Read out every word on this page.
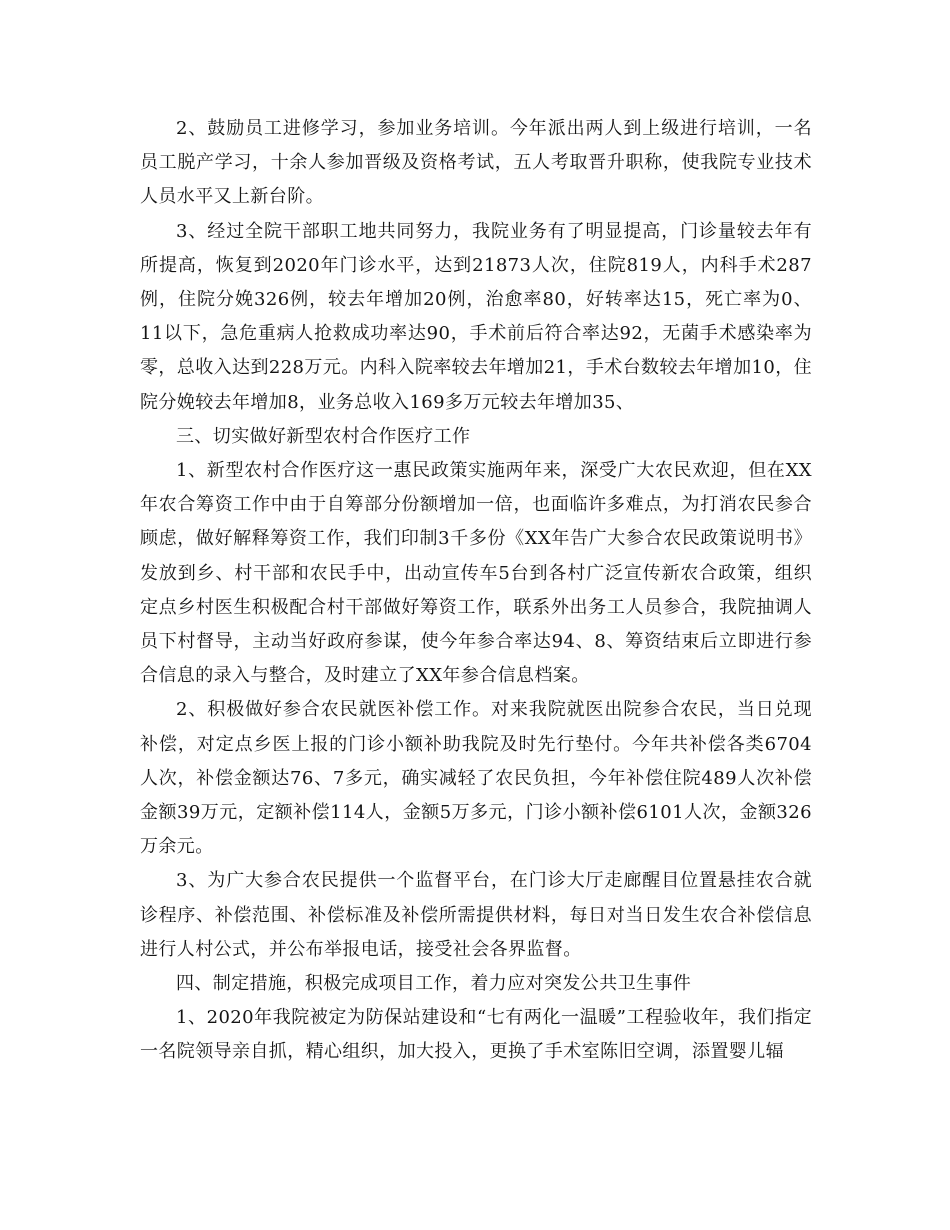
2、鼓励员工进修学习，参加业务培训。今年派出两人到上级进行培训，一名员工脱产学习，十余人参加晋级及资格考试，五人考取晋升职称，使我院专业技术人员水平又上新台阶。

3、经过全院干部职工地共同努力，我院业务有了明显提高，门诊量较去年有所提高，恢复到2020年门诊水平，达到21873人次，住院819人，内科手术287例，住院分娩326例，较去年增加20例，治愈率80，好转率达15，死亡率为0、11以下，急危重病人抢救成功率达90，手术前后符合率达92，无菌手术感染率为零，总收入达到228万元。内科入院率较去年增加21，手术台数较去年增加10，住院分娩较去年增加8，业务总收入169多万元较去年增加35、

三、切实做好新型农村合作医疗工作

1、新型农村合作医疗这一惠民政策实施两年来，深受广大农民欢迎，但在XX年农合筹资工作中由于自筹部分份额增加一倍，也面临许多难点，为打消农民参合顾虑，做好解释筹资工作，我们印制3千多份《XX年告广大参合农民政策说明书》发放到乡、村干部和农民手中，出动宣传车5台到各村广泛宣传新农合政策，组织定点乡村医生积极配合村干部做好筹资工作，联系外出务工人员参合，我院抽调人员下村督导，主动当好政府参谋，使今年参合率达94、8、筹资结束后立即进行参合信息的录入与整合，及时建立了XX年参合信息档案。

2、积极做好参合农民就医补偿工作。对来我院就医出院参合农民，当日兑现补偿，对定点乡医上报的门诊小额补助我院及时先行垫付。今年共补偿各类6704人次，补偿金额达76、7多元，确实减轻了农民负担，今年补偿住院489人次补偿金额39万元，定额补偿114人，金额5万多元，门诊小额补偿6101人次，金额326万余元。

3、为广大参合农民提供一个监督平台，在门诊大厅走廊醒目位置悬挂农合就诊程序、补偿范围、补偿标准及补偿所需提供材料，每日对当日发生农合补偿信息进行人村公式，并公布举报电话，接受社会各界监督。

四、制定措施，积极完成项目工作，着力应对突发公共卫生事件

1、2020年我院被定为防保站建设和“七有两化一温暖”工程验收年，我们指定一名院领导亲自抓，精心组织，加大投入，更换了手术室陈旧空调，添置婴儿辐
